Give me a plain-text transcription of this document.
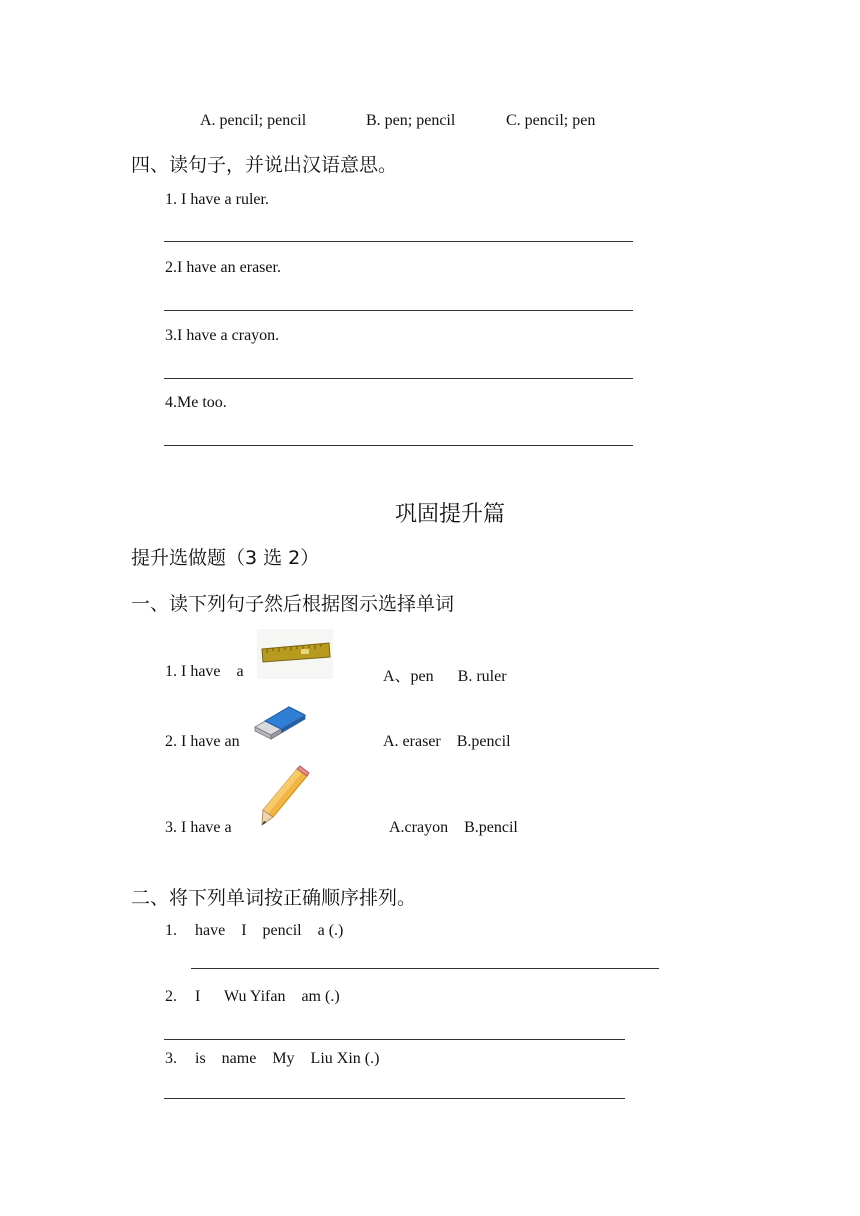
A. pencil; pencil	B. pen; pencil	C. pencil; pen
四、读句子，并说出汉语意思。
1. I have a ruler.
2.I have an eraser.
3.I have a crayon.
4.Me too.
巩固提升篇
提升选做题（3 选 2）
一、读下列句子然后根据图示选择单词
1. I have    a	A、pen      B. ruler
2. I have an	A. eraser    B.pencil
3. I have a	A.crayon    B.pencil
二、将下列单词按正确顺序排列。
1. have    I    pencil    a (.)
2. I      Wu Yifan    am (.)
3. is    name    My    Liu Xin (.)
